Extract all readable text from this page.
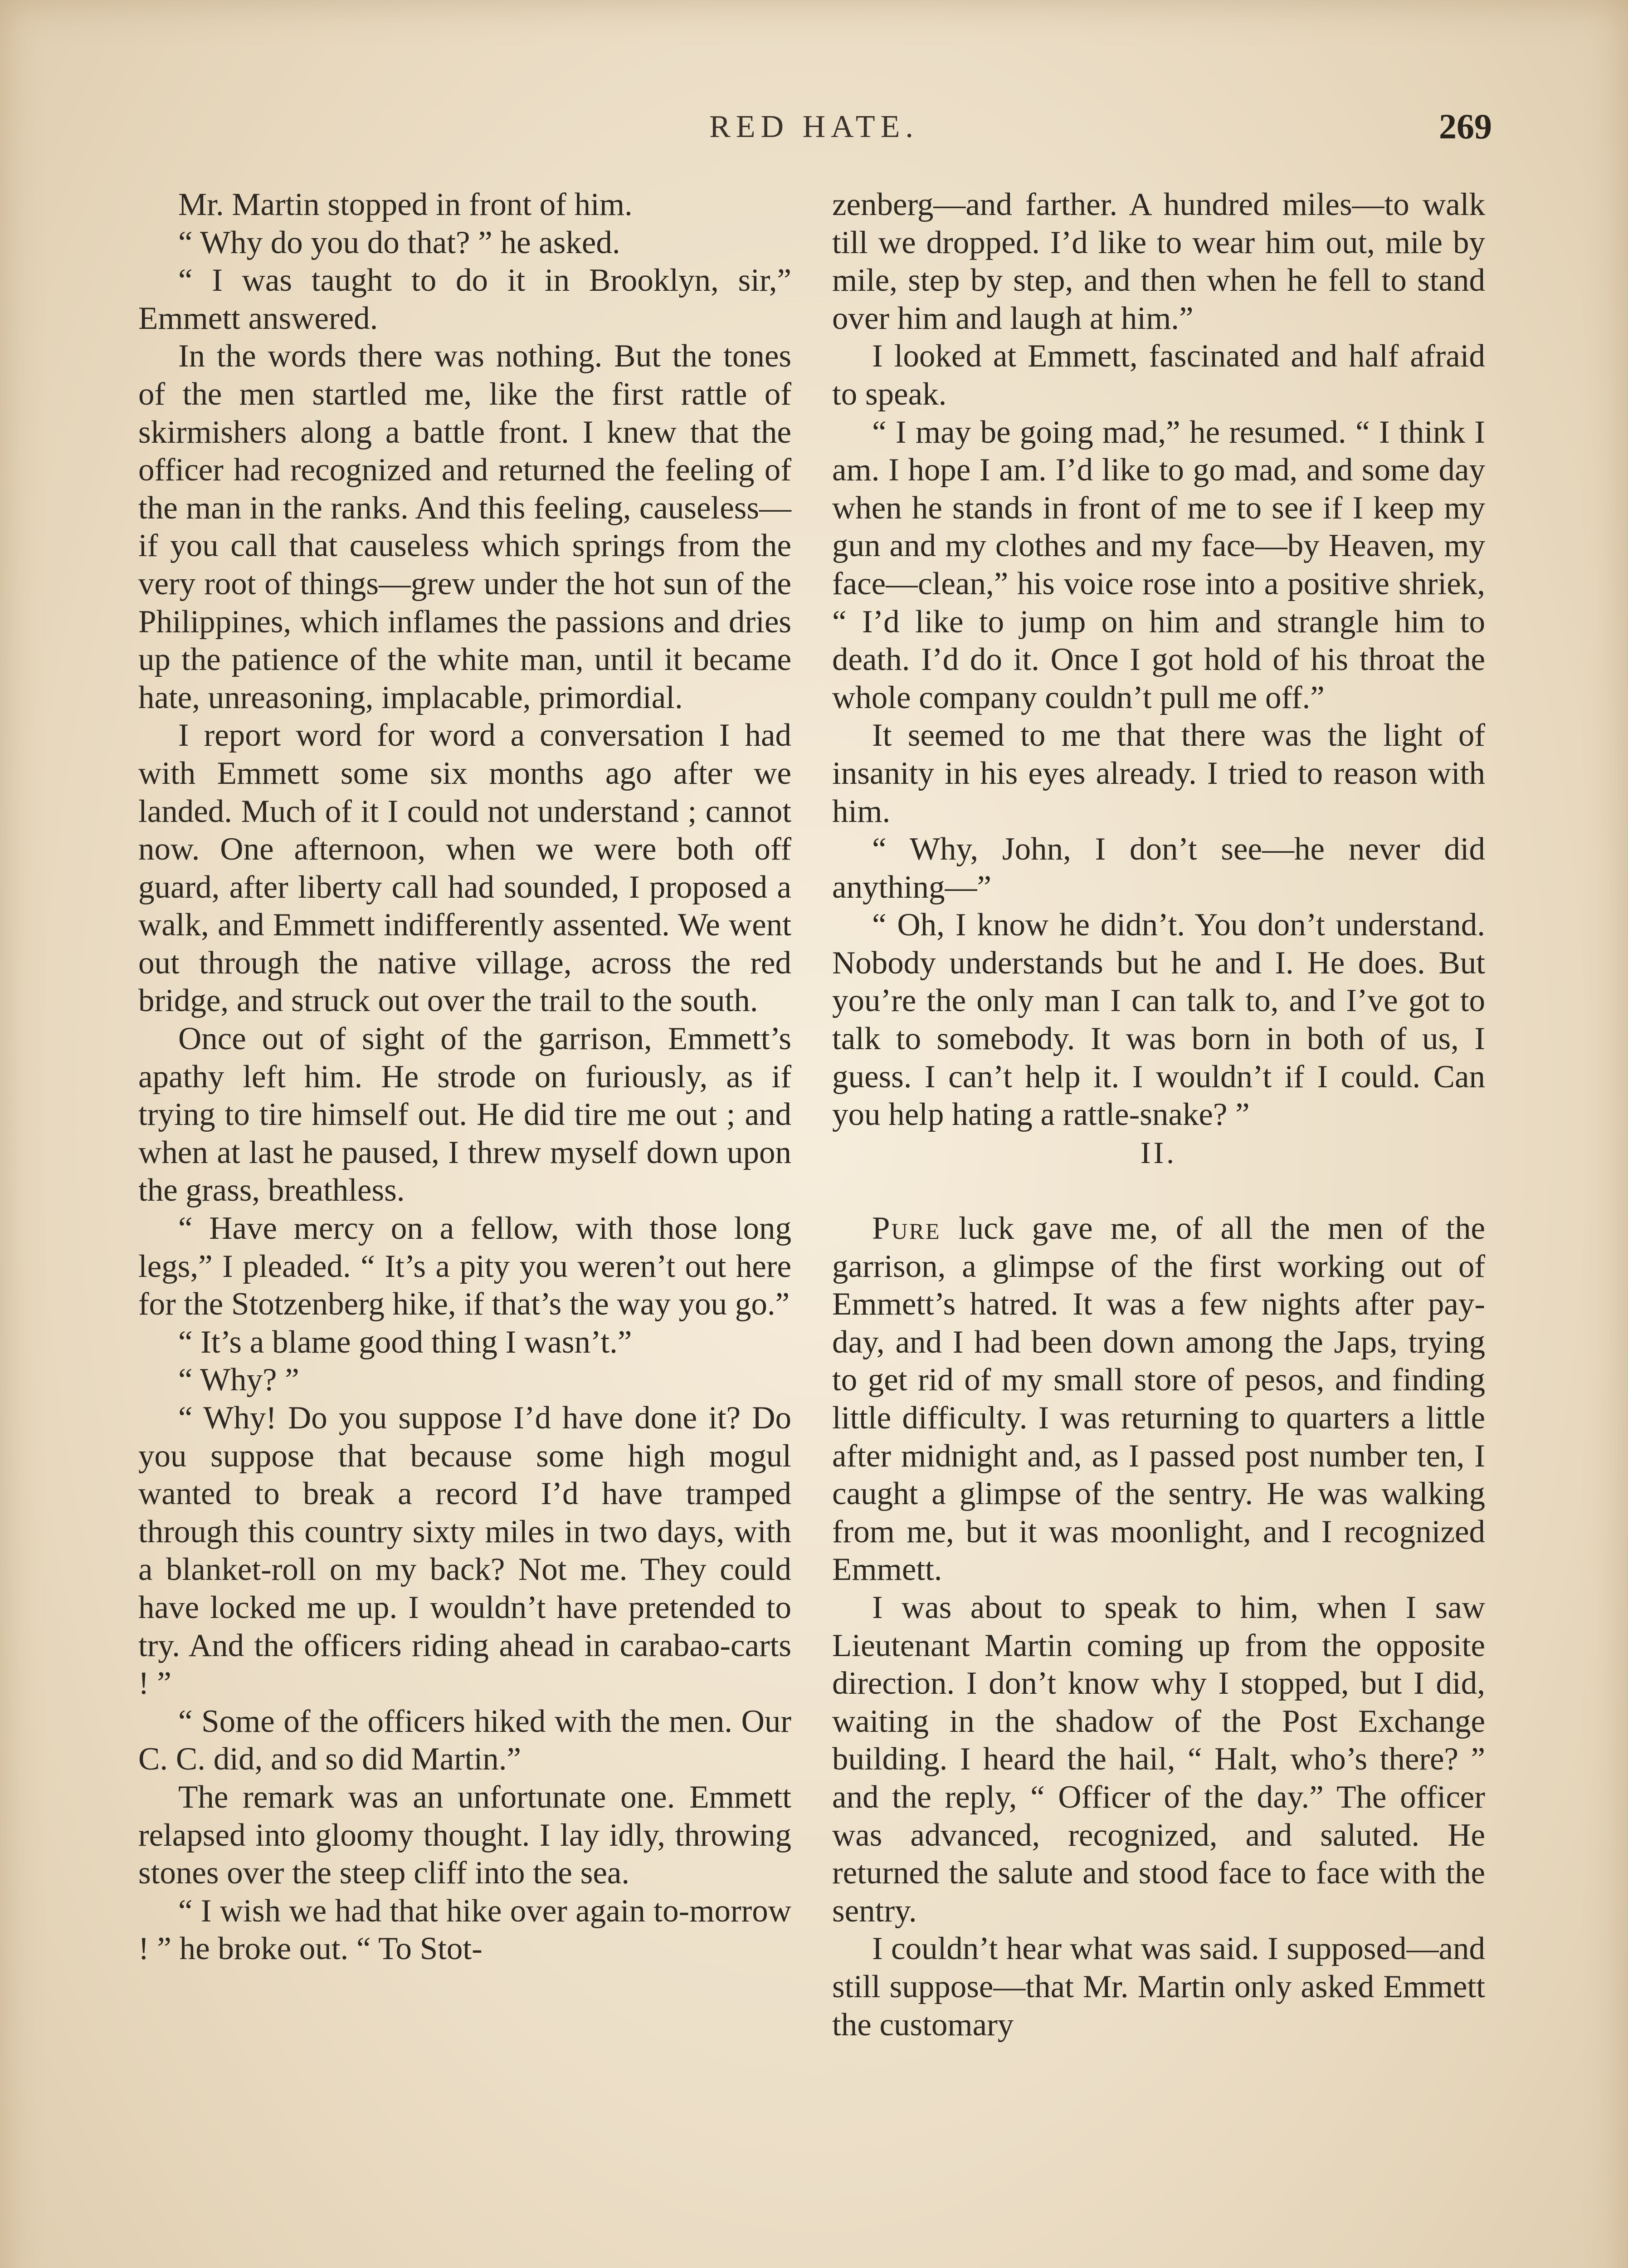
RED HATE.	269

Mr. Martin stopped in front of him.

“ Why do you do that? ” he asked.

“ I was taught to do it in Brooklyn, sir,” Emmett answered.

In the words there was nothing. But the tones of the men startled me, like the first rattle of skirmishers along a battle front. I knew that the officer had recognized and returned the feeling of the man in the ranks. And this feeling, causeless—if you call that causeless which springs from the very root of things—grew under the hot sun of the Philippines, which inflames the passions and dries up the patience of the white man, until it became hate, unreasoning, implacable, primordial.

I report word for word a conversation I had with Emmett some six months ago after we landed. Much of it I could not understand ; cannot now. One afternoon, when we were both off guard, after liberty call had sounded, I proposed a walk, and Emmett indifferently assented. We went out through the native village, across the red bridge, and struck out over the trail to the south.

Once out of sight of the garrison, Emmett’s apathy left him. He strode on furiously, as if trying to tire himself out. He did tire me out ; and when at last he paused, I threw myself down upon the grass, breathless.

“ Have mercy on a fellow, with those long legs,” I pleaded. “ It’s a pity you weren’t out here for the Stotzenberg hike, if that’s the way you go.”

“ It’s a blame good thing I wasn’t.”

“ Why? ”

“ Why! Do you suppose I’d have done it? Do you suppose that because some high mogul wanted to break a record I’d have tramped through this country sixty miles in two days, with a blanket-roll on my back? Not me. They could have locked me up. I wouldn’t have pretended to try. And the officers riding ahead in carabao-carts ! ”

“ Some of the officers hiked with the men. Our C. C. did, and so did Martin.”

The remark was an unfortunate one. Emmett relapsed into gloomy thought. I lay idly, throwing stones over the steep cliff into the sea.

“ I wish we had that hike over again to-morrow ! ” he broke out. “ To Stot-

zenberg—and farther. A hundred miles—to walk till we dropped. I’d like to wear him out, mile by mile, step by step, and then when he fell to stand over him and laugh at him.”

I looked at Emmett, fascinated and half afraid to speak.

“ I may be going mad,” he resumed. “ I think I am. I hope I am. I’d like to go mad, and some day when he stands in front of me to see if I keep my gun and my clothes and my face—by Heaven, my face—clean,” his voice rose into a positive shriek, “ I’d like to jump on him and strangle him to death. I’d do it. Once I got hold of his throat the whole company couldn’t pull me off.”

It seemed to me that there was the light of insanity in his eyes already. I tried to reason with him.

“ Why, John, I don’t see—he never did anything—”

“ Oh, I know he didn’t. You don’t understand. Nobody understands but he and I. He does. But you’re the only man I can talk to, and I’ve got to talk to somebody. It was born in both of us, I guess. I can’t help it. I wouldn’t if I could. Can you help hating a rattle-snake? ”

II.

Pure luck gave me, of all the men of the garrison, a glimpse of the first working out of Emmett’s hatred. It was a few nights after pay-day, and I had been down among the Japs, trying to get rid of my small store of pesos, and finding little difficulty. I was returning to quarters a little after midnight and, as I passed post number ten, I caught a glimpse of the sentry. He was walking from me, but it was moonlight, and I recognized Emmett.

I was about to speak to him, when I saw Lieutenant Martin coming up from the opposite direction. I don’t know why I stopped, but I did, waiting in the shadow of the Post Exchange building. I heard the hail, “ Halt, who’s there? ” and the reply, “ Officer of the day.” The officer was advanced, recognized, and saluted. He returned the salute and stood face to face with the sentry.

I couldn’t hear what was said. I supposed—and still suppose—that Mr. Martin only asked Emmett the customary
